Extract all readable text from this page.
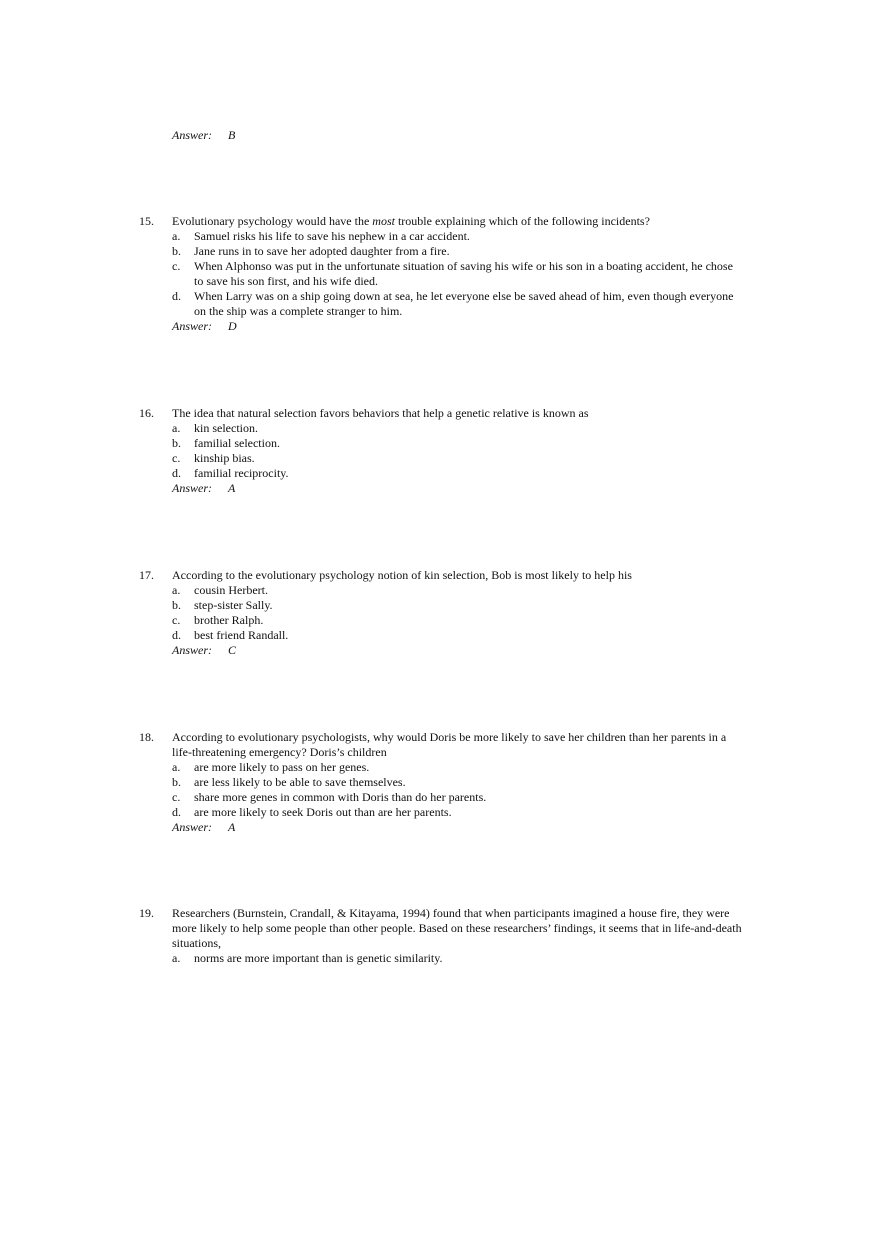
Answer: B
15. Evolutionary psychology would have the most trouble explaining which of the following incidents?
a. Samuel risks his life to save his nephew in a car accident.
b. Jane runs in to save her adopted daughter from a fire.
c. When Alphonso was put in the unfortunate situation of saving his wife or his son in a boating accident, he chose to save his son first, and his wife died.
d. When Larry was on a ship going down at sea, he let everyone else be saved ahead of him, even though everyone on the ship was a complete stranger to him.
Answer: D
16. The idea that natural selection favors behaviors that help a genetic relative is known as
a. kin selection.
b. familial selection.
c. kinship bias.
d. familial reciprocity.
Answer: A
17. According to the evolutionary psychology notion of kin selection, Bob is most likely to help his
a. cousin Herbert.
b. step-sister Sally.
c. brother Ralph.
d. best friend Randall.
Answer: C
18. According to evolutionary psychologists, why would Doris be more likely to save her children than her parents in a life-threatening emergency? Doris’s children
a. are more likely to pass on her genes.
b. are less likely to be able to save themselves.
c. share more genes in common with Doris than do her parents.
d. are more likely to seek Doris out than are her parents.
Answer: A
19. Researchers (Burnstein, Crandall, & Kitayama, 1994) found that when participants imagined a house fire, they were more likely to help some people than other people. Based on these researchers’ findings, it seems that in life-and-death situations,
a. norms are more important than is genetic similarity.
